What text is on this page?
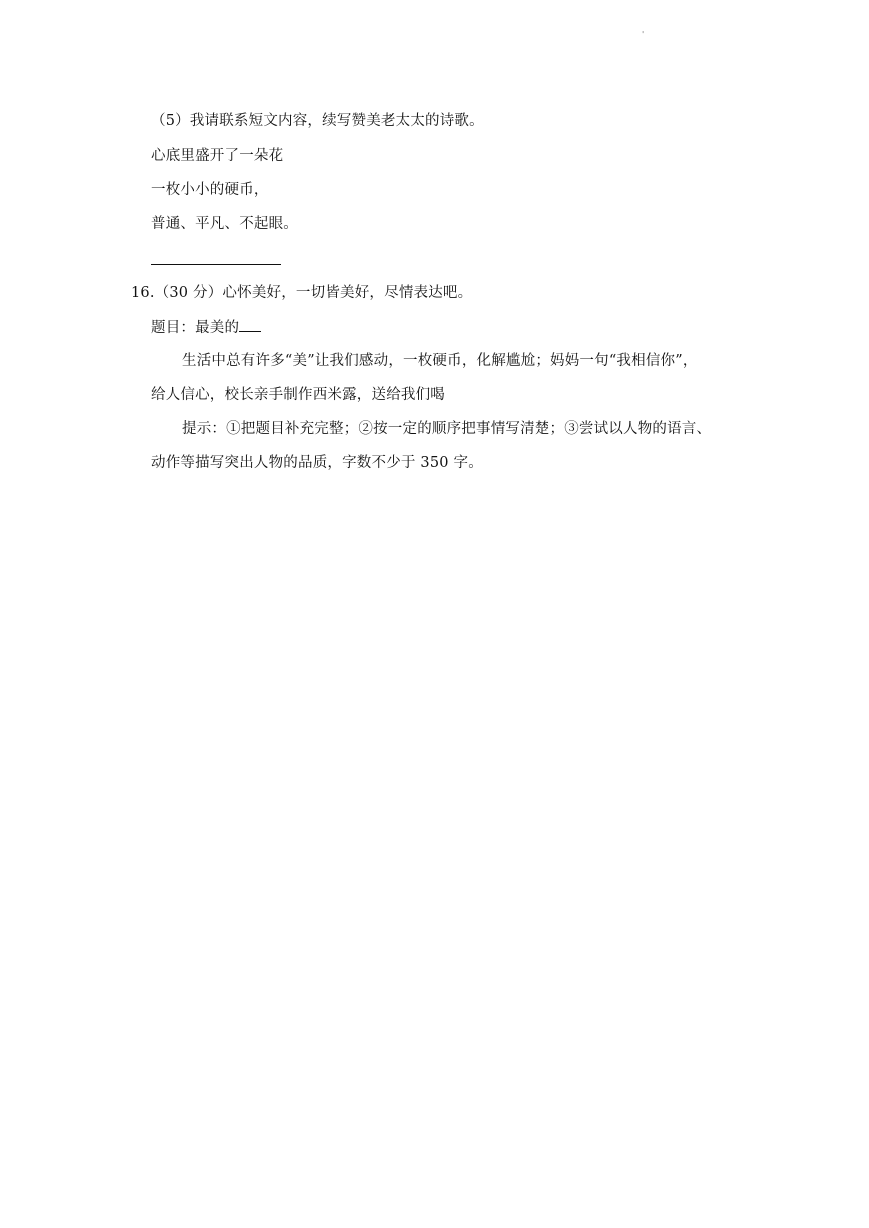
'
（5）我请联系短文内容，续写赞美老太太的诗歌。
心底里盛开了一朵花
一枚小小的硬币，
普通、平凡、不起眼。
16.（30 分）心怀美好，一切皆美好，尽情表达吧。
题目：最美的
生活中总有许多“美”让我们感动，一枚硬币，化解尴尬；妈妈一句“我相信你”，
给人信心，校长亲手制作西米露，送给我们喝
提示：①把题目补充完整；②按一定的顺序把事情写清楚；③尝试以人物的语言、
动作等描写突出人物的品质，字数不少于 350 字。
